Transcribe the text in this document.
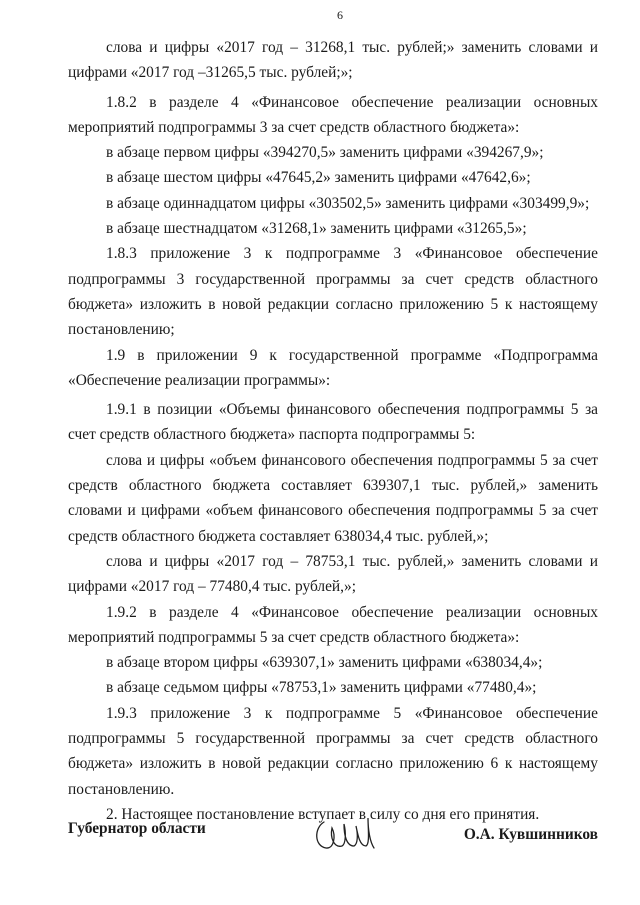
6

слова и цифры «2017 год – 31268,1 тыс. рублей;» заменить словами и цифрами «2017 год –31265,5 тыс. рублей;»;

1.8.2 в разделе 4 «Финансовое обеспечение реализации основных мероприятий подпрограммы 3 за счет средств областного бюджета»:

в абзаце первом цифры «394270,5» заменить цифрами «394267,9»;

в абзаце шестом цифры «47645,2» заменить цифрами «47642,6»;

в абзаце одиннадцатом цифры «303502,5» заменить цифрами «303499,9»;

в абзаце шестнадцатом «31268,1» заменить цифрами «31265,5»;

1.8.3 приложение 3 к подпрограмме 3 «Финансовое обеспечение подпрограммы 3 государственной программы за счет средств областного бюджета» изложить в новой редакции согласно приложению 5 к настоящему постановлению;

1.9 в приложении 9 к государственной программе «Подпрограмма «Обеспечение реализации программы»:

1.9.1 в позиции «Объемы финансового обеспечения подпрограммы 5 за счет средств областного бюджета» паспорта подпрограммы 5:

слова и цифры «объем финансового обеспечения подпрограммы 5 за счет средств областного бюджета составляет 639307,1 тыс. рублей,» заменить словами и цифрами «объем финансового обеспечения подпрограммы 5 за счет средств областного бюджета составляет 638034,4 тыс. рублей,»;

слова и цифры «2017 год – 78753,1 тыс. рублей,» заменить словами и цифрами «2017 год – 77480,4 тыс. рублей,»;

1.9.2 в разделе 4 «Финансовое обеспечение реализации основных мероприятий подпрограммы 5 за счет средств областного бюджета»:

в абзаце втором цифры «639307,1» заменить цифрами «638034,4»;

в абзаце седьмом цифры «78753,1» заменить цифрами «77480,4»;

1.9.3 приложение 3 к подпрограмме 5 «Финансовое обеспечение подпрограммы 5 государственной программы за счет средств областного бюджета» изложить в новой редакции согласно приложению 6 к настоящему постановлению.

2. Настоящее постановление вступает в силу со дня его принятия.

Губернатор области	О.А. Кувшинников
